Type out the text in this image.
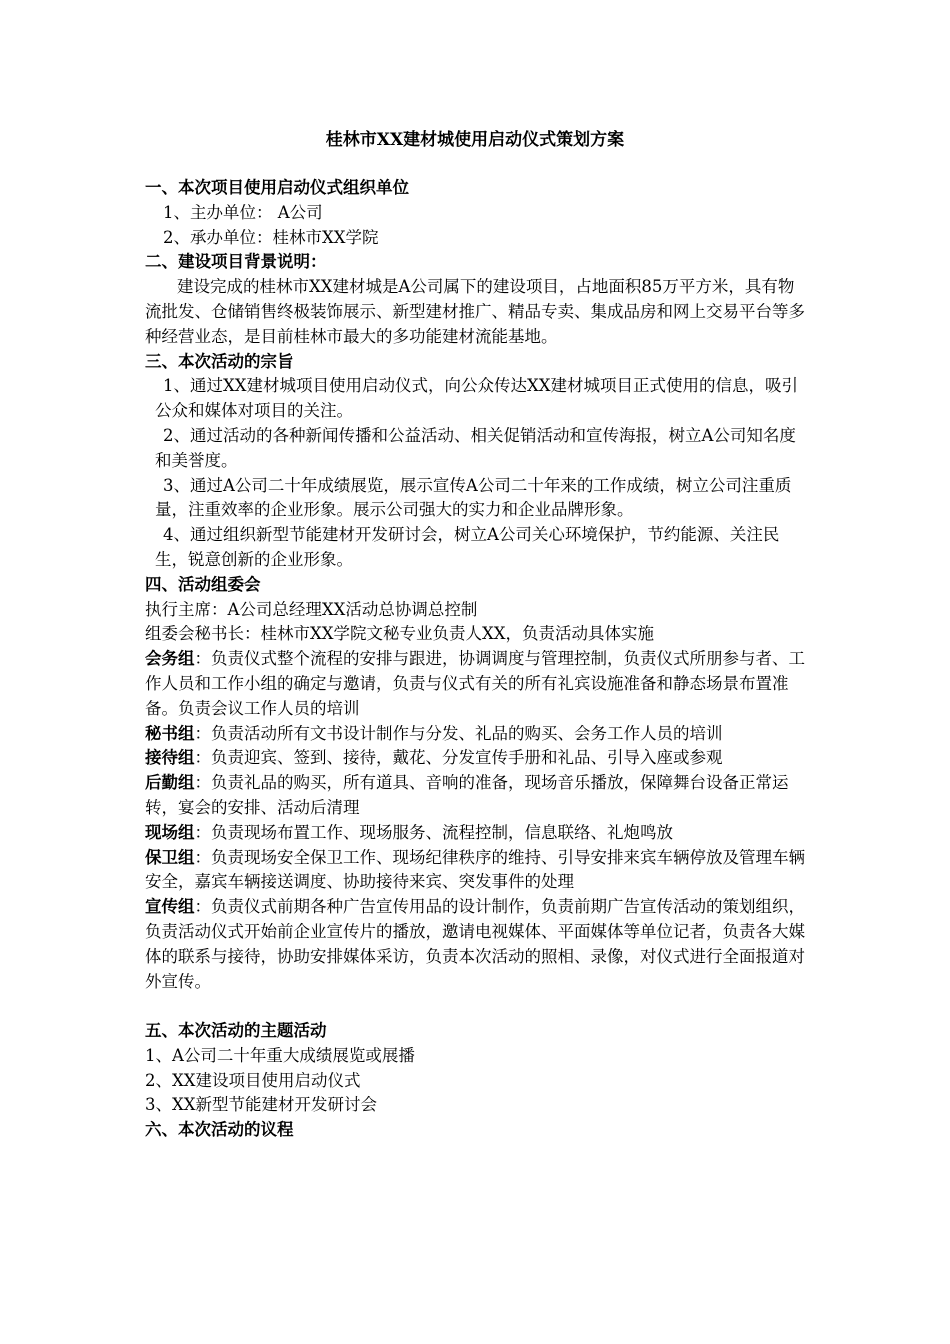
桂林市XX建材城使用启动仪式策划方案

一、本次项目使用启动仪式组织单位

1、主办单位： A公司

2、承办单位：桂林市XX学院

二、建设项目背景说明：

建设完成的桂林市XX建材城是A公司属下的建设项目，占地面积85万平方米，具有物流批发、仓储销售终极装饰展示、新型建材推广、精品专卖、集成品房和网上交易平台等多种经营业态，是目前桂林市最大的多功能建材流能基地。

三、本次活动的宗旨

1、通过XX建材城项目使用启动仪式，向公众传达XX建材城项目正式使用的信息，吸引公众和媒体对项目的关注。

2、通过活动的各种新闻传播和公益活动、相关促销活动和宣传海报，树立A公司知名度和美誉度。

3、通过A公司二十年成绩展览，展示宣传A公司二十年来的工作成绩，树立公司注重质量，注重效率的企业形象。展示公司强大的实力和企业品牌形象。

4、通过组织新型节能建材开发研讨会，树立A公司关心环境保护，节约能源、关注民生，锐意创新的企业形象。

四、活动组委会

执行主席：A公司总经理XX活动总协调总控制

组委会秘书长：桂林市XX学院文秘专业负责人XX，负责活动具体实施

会务组：负责仪式整个流程的安排与跟进，协调调度与管理控制，负责仪式所朋参与者、工作人员和工作小组的确定与邀请，负责与仪式有关的所有礼宾设施准备和静态场景布置准备。负责会议工作人员的培训

秘书组：负责活动所有文书设计制作与分发、礼品的购买、会务工作人员的培训

接待组：负责迎宾、签到、接待，戴花、分发宣传手册和礼品、引导入座或参观

后勤组：负责礼品的购买，所有道具、音响的准备，现场音乐播放，保障舞台设备正常运转，宴会的安排、活动后清理

现场组：负责现场布置工作、现场服务、流程控制，信息联络、礼炮鸣放

保卫组：负责现场安全保卫工作、现场纪律秩序的维持、引导安排来宾车辆停放及管理车辆安全，嘉宾车辆接送调度、协助接待来宾、突发事件的处理

宣传组：负责仪式前期各种广告宣传用品的设计制作，负责前期广告宣传活动的策划组织，负责活动仪式开始前企业宣传片的播放，邀请电视媒体、平面媒体等单位记者，负责各大媒体的联系与接待，协助安排媒体采访，负责本次活动的照相、录像，对仪式进行全面报道对外宣传。

五、本次活动的主题活动

1、A公司二十年重大成绩展览或展播

2、XX建设项目使用启动仪式

3、XX新型节能建材开发研讨会

六、本次活动的议程
